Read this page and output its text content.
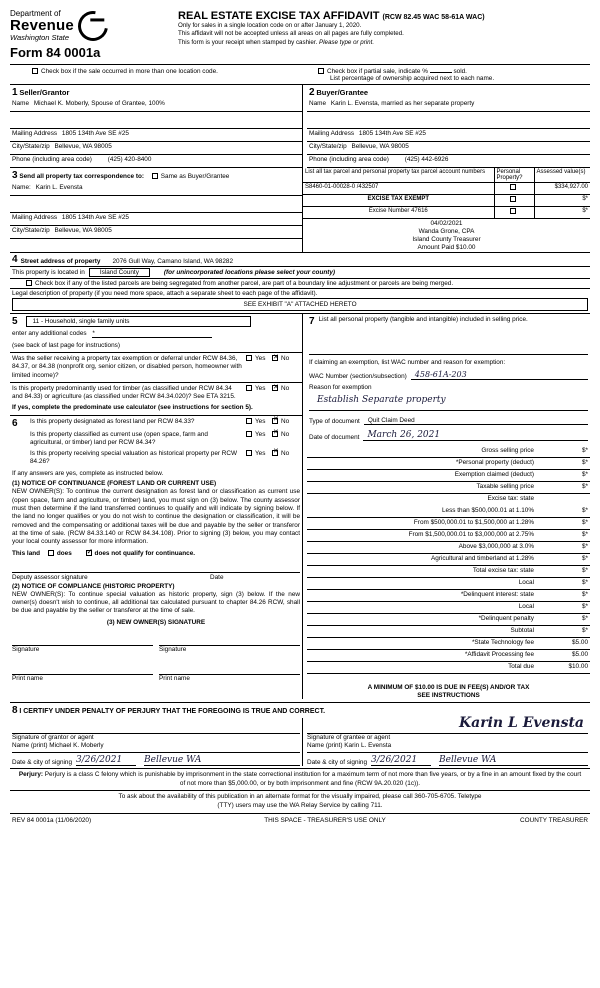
Department of
Revenue
Washington State
Form 84 0001a
REAL ESTATE EXCISE TAX AFFIDAVIT (RCW 82.45 WAC 58-61A WAC)
Only for sales in a single location code on or after January 1, 2020.
This affidavit will not be accepted unless all areas on all pages are fully completed.
This form is your receipt when stamped by cashier. Please type or print.
Check box if the sale occurred in more than one location code.	Check box if partial sale, indicate %	sold.
List percentage of ownership acquired next to each name.
1 Seller/Grantor
Name Michael K. Moberly, Spouse of Grantee, 100%
Mailing Address 1805 134th Ave SE #25
City/State/zip Bellevue, WA 98005
Phone (including area code) (425) 420-8400
2 Buyer/Grantee
Name Karin L. Evensta, married as her separate property
Mailing Address 1805 134th Ave SE #25
City/State/zip Bellevue, WA 98005
Phone (including area code) (425) 442-6926
3 Send all property tax correspondence to:	Same as Buyer/Grantee
Name: Karin L. Evensta
Mailing Address 1805 134th Ave SE #25
City/State/zip Bellevue, WA 98005
List all tax parcel and personal property tax parcel account numbers	Personal Property?	Assessed value(s)
S8460-01-00028-0 /432507		$334,927.00
EXCISE TAX EXEMPT		$*
Excise Number 47616		$*
04/02/2021
Wanda Grone, CPA
Island County Treasurer
Amount Paid $10.00
4 Street address of property 2076 Gull Way, Camano Island, WA 98282
This property is located in	Island County	(for unincorporated locations please select your county)
Check box if any of the listed parcels are being segregated from another parcel, are part of a boundary line adjustment or parcels are being merged.
Legal description of property (if you need more space, attach a separate sheet to each page of the affidavit).
SEE EXHIBIT "A" ATTACHED HERETO
5	11 - Household, single family units
enter any additional codes *
(see back of last page for instructions)
Was the seller receiving a property tax exemption or deferral under RCW 84.36, 84.37, or 84.38 (nonprofit org, senior citizen, or disabled person, homeowner with limited income)?
Yes ✕	No
Is this property predominantly used for timber (as classified under RCW 84.34 and 84.33) or agriculture (as classified under RCW 84.34.020)? See ETA 3215.
Yes ✕	No
If yes, complete the predominate use calculator (see instructions for section 5).
6	Is this property designated as forest land per RCW 84.33?	Yes ✕	No
Is this property classified as current use (open space, farm and agricultural, or timber) land per RCW 84.34?
Yes ✕	No
Is this property receiving special valuation as historical property per RCW 84.26?
Yes ✕	No
If any answers are yes, complete as instructed below.
(1) NOTICE OF CONTINUANCE (FOREST LAND OR CURRENT USE)
NEW OWNER(S): To continue the current designation as forest land or classification as current use (open space, farm and agriculture, or timber) land, you must sign on (3) below. The county assessor must then determine if the land transferred continues to qualify and will indicate by signing below. If the land no longer qualifies or you do not wish to continue the designation or classification, it will be removed and the compensating or additional taxes will be due and payable by the seller or transferor at the time of sale. (RCW 84.33.140 or RCW 84.34.108). Prior to signing (3) below, you may contact your local county assessor for more information.
This land	does ✓	does not qualify for continuance.
Deputy assessor signature	Date
(2) NOTICE OF COMPLIANCE (HISTORIC PROPERTY)
NEW OWNER(S): To continue special valuation as historic property, sign (3) below. If the new owner(s) doesn't wish to continue, all additional tax calculated pursuant to chapter 84.26 RCW, shall be due and payable by the seller or transferor at the time of sale.
(3) NEW OWNER(S) SIGNATURE
Signature	Signature
Print name	Print name
7 List all personal property (tangible and intangible) included in selling price.
If claiming an exemption, list WAC number and reason for exemption:
WAC Number (section/subsection)	458-61A-203
Reason for exemption
Establish Separate property
Type of document	Quit Claim Deed
Date of document March 26, 2021
Gross selling price	$*
*Personal property (deduct)	$*
Exemption claimed (deduct)	$*
Taxable selling price	$*
Excise tax: state
Less than $500,000.01 at 1.10%	$*
From $500,000.01 to $1,500,000 at 1.28%	$*
From $1,500,000.01 to $3,000,000 at 2.75%	$*
Above $3,000,000 at 3.0%	$*
Agricultural and timberland at 1.28%	$*
Total excise tax: state	$*
Local	$*
*Delinquent interest: state	$*
Local	$*
*Delinquent penalty	$*
Subtotal	$*
*State Technology fee	$5.00
*Affidavit Processing fee	$5.00
Total due	$10.00
A MINIMUM OF $10.00 IS DUE IN FEE(S) AND/OR TAX
SEE INSTRUCTIONS
8 I CERTIFY UNDER PENALTY OF PERJURY THAT THE FOREGOING IS TRUE AND CORRECT.
Signature of grantor or agent
Name (print) Michael K. Moberly
Date & city of signing 3/26/2021	Bellevue WA
Karin L Evensta
Signature of grantee or agent
Name (print) Karin L. Evensta
Date & city of signing 3/26/2021	Bellevue WA
Perjury: Perjury is a class C felony which is punishable by imprisonment in the state correctional institution for a maximum term of not more than five years, or by a fine in an amount fixed by the court of not more than $5,000.00, or by both imprisonment and fine (RCW 9A.20.020 (1c)).
To ask about the availability of this publication in an alternate format for the visually impaired, please call 360-705-6705. Teletype
(TTY) users may use the WA Relay Service by calling 711.
REV 84 0001a (11/06/2020)	THIS SPACE - TREASURER'S USE ONLY	COUNTY TREASURER
